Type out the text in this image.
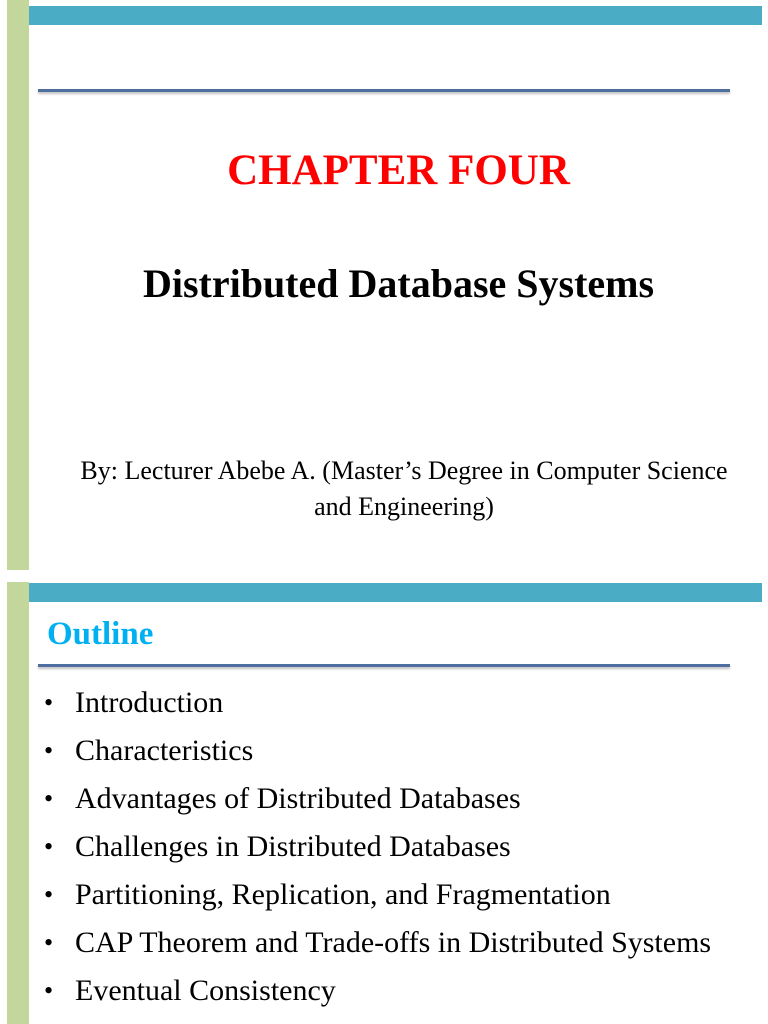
CHAPTER FOUR
Distributed Database Systems
By: Lecturer Abebe A. (Master’s Degree in Computer Science and Engineering)
Outline
• Introduction
• Characteristics
• Advantages of Distributed Databases
• Challenges in Distributed Databases
• Partitioning, Replication, and Fragmentation
• CAP Theorem and Trade-offs in Distributed Systems
• Eventual Consistency
